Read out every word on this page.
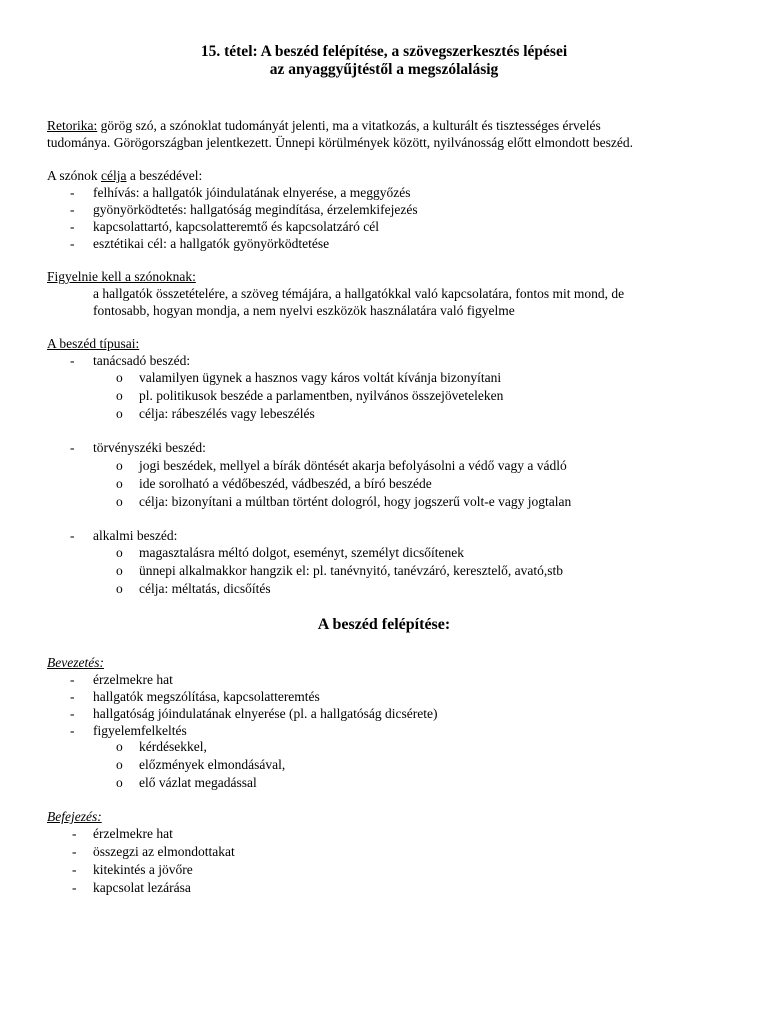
15. tétel: A beszéd felépítése, a szövegszerkesztés lépései
az anyaggyűjtéstől a megszólalásig
Retorika: görög szó, a szónoklat tudományát jelenti, ma a vitatkozás, a kulturált és tisztességes érvelés
tudománya. Görögországban jelentkezett. Ünnepi körülmények között, nyilvánosság előtt elmondott beszéd.
A szónok célja a beszédével:
- felhívás: a hallgatók jóindulatának elnyerése, a meggyőzés
- gyönyörködtetés: hallgatóság megindítása, érzelemkifejezés
- kapcsolattartó, kapcsolatteremtő és kapcsolatzáró cél
- esztétikai cél: a hallgatók gyönyörködtetése
Figyelnie kell a szónoknak:
a hallgatók összetételére, a szöveg témájára, a hallgatókkal való kapcsolatára, fontos mit mond, de
fontosabb, hogyan mondja, a nem nyelvi eszközök használatára való figyelme
A beszéd típusai:
- tanácsadó beszéd:
o valamilyen ügynek a hasznos vagy káros voltát kívánja bizonyítani
o pl. politikusok beszéde a parlamentben, nyilvános összejöveteleken
o célja: rábeszélés vagy lebeszélés
- törvényszéki beszéd:
o jogi beszédek, mellyel a bírák döntését akarja befolyásolni a védő vagy a vádló
o ide sorolható a védőbeszéd, vádbeszéd, a bíró beszéde
o célja: bizonyítani a múltban történt dologról, hogy jogszerű volt-e vagy jogtalan
- alkalmi beszéd:
o magasztalásra méltó dolgot, eseményt, személyt dicsőítenek
o ünnepi alkalmakkor hangzik el: pl. tanévnyitó, tanévzáró, keresztelő, avató,stb
o célja: méltatás, dicsőítés
A beszéd felépítése:
Bevezetés:
- érzelmekre hat
- hallgatók megszólítása, kapcsolatteremtés
- hallgatóság jóindulatának elnyerése (pl. a hallgatóság dicsérete)
- figyelemfelkeltés
o kérdésekkel,
o előzmények elmondásával,
o elő vázlat megadással
Befejezés:
- érzelmekre hat
- összegzi az elmondottakat
- kitekintés a jövőre
- kapcsolat lezárása
